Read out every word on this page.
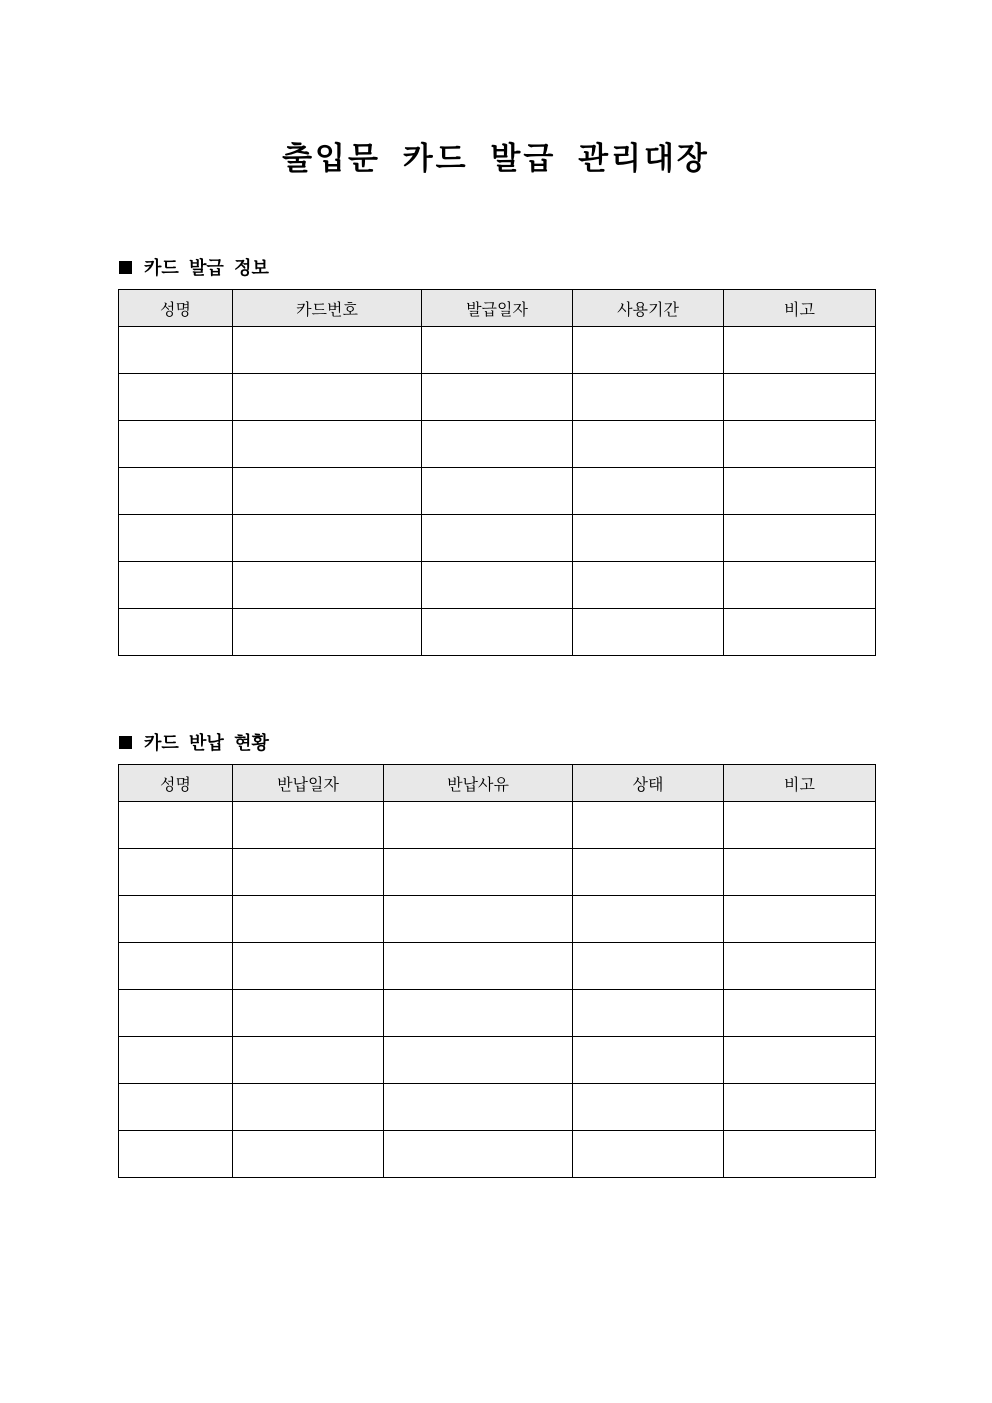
출입문 카드 발급 관리대장
카드 발급 정보
성명	카드번호	발급일자	사용기간	비고

카드 반납 현황
성명	반납일자	반납사유	상태	비고
